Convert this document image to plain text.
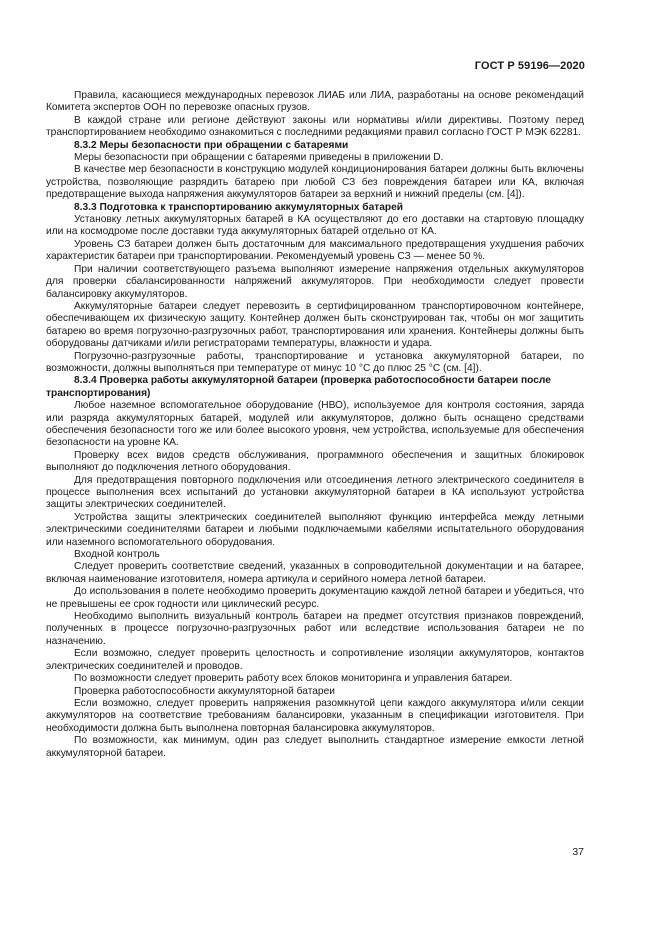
ГОСТ Р 59196—2020

Правила, касающиеся международных перевозок ЛИАБ или ЛИА, разработаны на основе рекомендаций Комитета экспертов ООН по перевозке опасных грузов.

В каждой стране или регионе действуют законы или нормативы и/или директивы. Поэтому перед транспортированием необходимо ознакомиться с последними редакциями правил согласно ГОСТ Р МЭК 62281.

8.3.2 Меры безопасности при обращении с батареями

Меры безопасности при обращении с батареями приведены в приложении D.

В качестве мер безопасности в конструкцию модулей кондиционирования батареи должны быть включены устройства, позволяющие разрядить батарею при любой СЗ без повреждения батареи или КА, включая предотвращение выхода напряжения аккумуляторов батареи за верхний и нижний пределы (см. [4]).

8.3.3 Подготовка к транспортированию аккумуляторных батарей

Установку летных аккумуляторных батарей в КА осуществляют до его доставки на стартовую площадку или на космодроме после доставки туда аккумуляторных батарей отдельно от КА.

Уровень СЗ батареи должен быть достаточным для максимального предотвращения ухудшения рабочих характеристик батареи при транспортировании. Рекомендуемый уровень СЗ — менее 50 %.

При наличии соответствующего разъема выполняют измерение напряжения отдельных аккумуляторов для проверки сбалансированности напряжений аккумуляторов. При необходимости следует провести балансировку аккумуляторов.

Аккумуляторные батареи следует перевозить в сертифицированном транспортировочном контейнере, обеспечивающем их физическую защиту. Контейнер должен быть сконструирован так, чтобы он мог защитить батарею во время погрузочно-разгрузочных работ, транспортирования или хранения. Контейнеры должны быть оборудованы датчиками и/или регистраторами температуры, влажности и удара.

Погрузочно-разгрузочные работы, транспортирование и установка аккумуляторной батареи, по возможности, должны выполняться при температуре от минус 10 °С до плюс 25 °С (см. [4]).

8.3.4 Проверка работы аккумуляторной батареи (проверка работоспособности батареи после транспортирования)

Любое наземное вспомогательное оборудование (НВО), используемое для контроля состояния, заряда или разряда аккумуляторных батарей, модулей или аккумуляторов, должно быть оснащено средствами обеспечения безопасности того же или более высокого уровня, чем устройства, используемые для обеспечения безопасности на уровне КА.

Проверку всех видов средств обслуживания, программного обеспечения и защитных блокировок выполняют до подключения летного оборудования.

Для предотвращения повторного подключения или отсоединения летного электрического соединителя в процессе выполнения всех испытаний до установки аккумуляторной батареи в КА используют устройства защиты электрических соединителей.

Устройства защиты электрических соединителей выполняют функцию интерфейса между летными электрическими соединителями батареи и любыми подключаемыми кабелями испытательного оборудования или наземного вспомогательного оборудования.

Входной контроль

Следует проверить соответствие сведений, указанных в сопроводительной документации и на батарее, включая наименование изготовителя, номера артикула и серийного номера летной батареи.

До использования в полете необходимо проверить документацию каждой летной батареи и убедиться, что не превышены ее срок годности или циклический ресурс.

Необходимо выполнить визуальный контроль батареи на предмет отсутствия признаков повреждений, полученных в процессе погрузочно-разгрузочных работ или вследствие использования батареи не по назначению.

Если возможно, следует проверить целостность и сопротивление изоляции аккумуляторов, контактов электрических соединителей и проводов.

По возможности следует проверить работу всех блоков мониторинга и управления батареи.

Проверка работоспособности аккумуляторной батареи

Если возможно, следует проверить напряжения разомкнутой цепи каждого аккумулятора и/или секции аккумуляторов на соответствие требованиям балансировки, указанным в спецификации изготовителя. При необходимости должна быть выполнена повторная балансировка аккумуляторов.

По возможности, как минимум, один раз следует выполнить стандартное измерение емкости летной аккумуляторной батареи.

37
